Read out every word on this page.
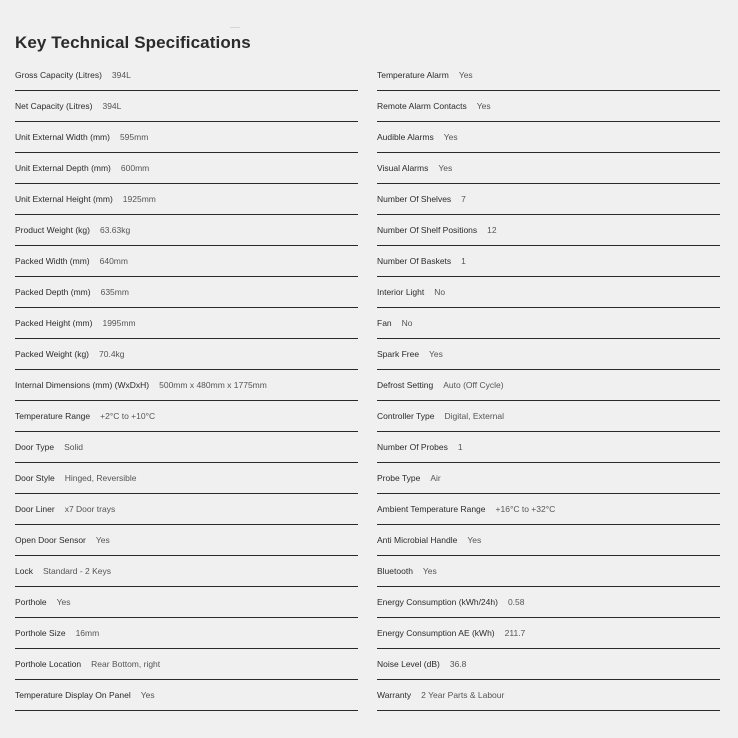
Key Technical Specifications
Gross Capacity (Litres) 394L
Net Capacity (Litres) 394L
Unit External Width (mm) 595mm
Unit External Depth (mm) 600mm
Unit External Height (mm) 1925mm
Product Weight (kg) 63.63kg
Packed Width (mm) 640mm
Packed Depth (mm) 635mm
Packed Height (mm) 1995mm
Packed Weight (kg) 70.4kg
Internal Dimensions (mm) (WxDxH) 500mm x 480mm x 1775mm
Temperature Range +2°C to +10°C
Door Type Solid
Door Style Hinged, Reversible
Door Liner x7 Door trays
Open Door Sensor Yes
Lock Standard - 2 Keys
Porthole Yes
Porthole Size 16mm
Porthole Location Rear Bottom, right
Temperature Display On Panel Yes
Temperature Alarm Yes
Remote Alarm Contacts Yes
Audible Alarms Yes
Visual Alarms Yes
Number Of Shelves 7
Number Of Shelf Positions 12
Number Of Baskets 1
Interior Light No
Fan No
Spark Free Yes
Defrost Setting Auto (Off Cycle)
Controller Type Digital, External
Number Of Probes 1
Probe Type Air
Ambient Temperature Range +16°C to +32°C
Anti Microbial Handle Yes
Bluetooth Yes
Energy Consumption (kWh/24h) 0.58
Energy Consumption AE (kWh) 211.7
Noise Level (dB) 36.8
Warranty 2 Year Parts & Labour
